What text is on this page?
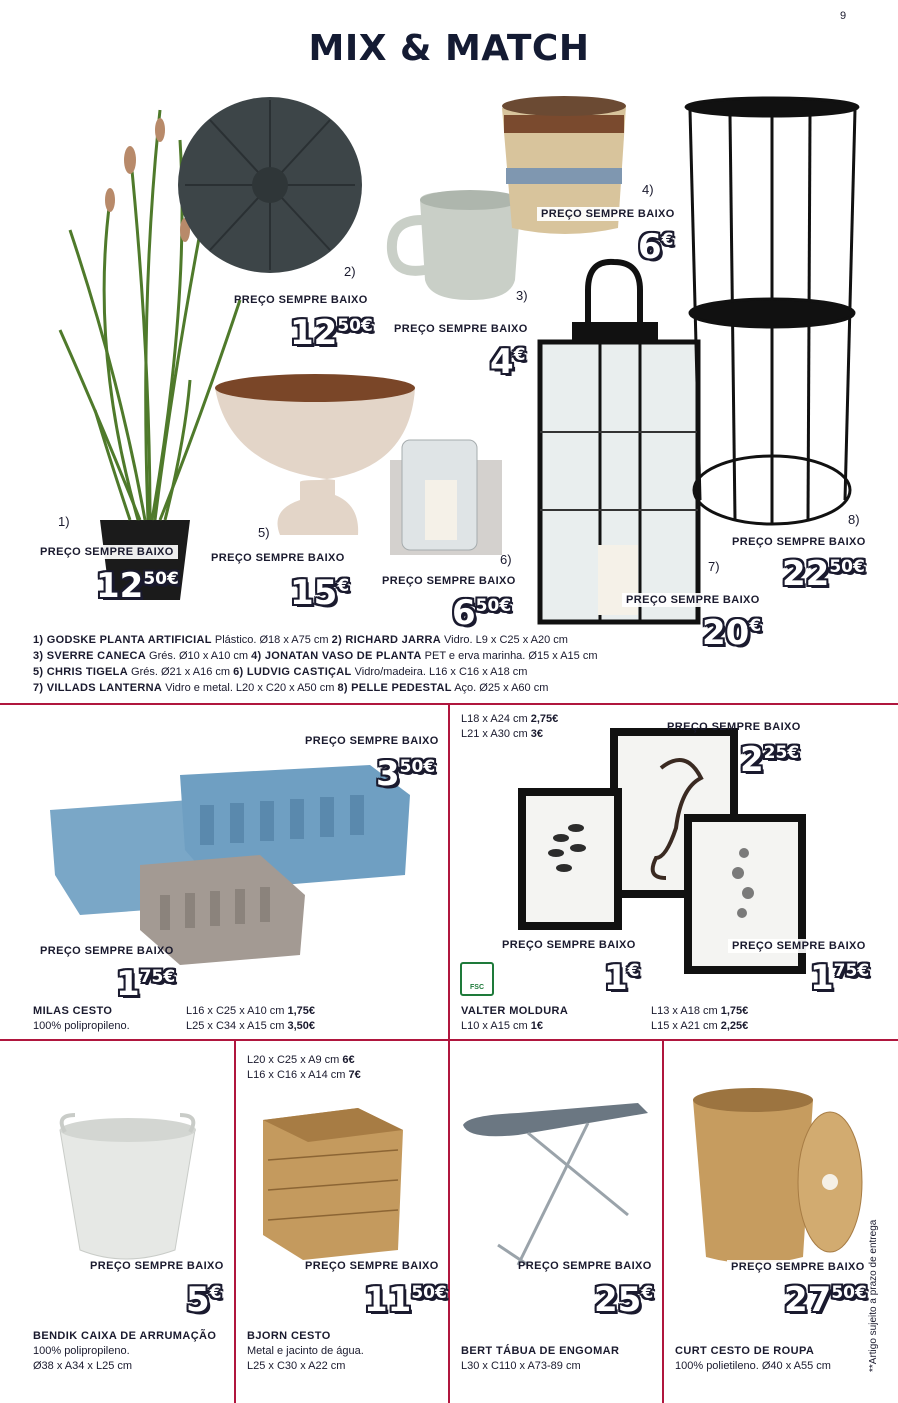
9
MIX & MATCH
1)
2)
3)
4)
5)
6)	7)
8)
PREÇO SEMPRE BAIXO
PREÇO SEMPRE BAIXO
PREÇO SEMPRE BAIXO
PREÇO SEMPRE BAIXO
PREÇO SEMPRE BAIXO
PREÇO SEMPRE BAIXO
PREÇO SEMPRE BAIXO
PREÇO SEMPRE BAIXO
1250€
1250€
4€
6€
15€
650€
20€
2250€
1) GODSKE PLANTA ARTIFICIAL Plástico. Ø18 x A75 cm 2) RICHARD JARRA Vidro. L9 x C25 x A20 cm
3) SVERRE CANECA Grés. Ø10 x A10 cm 4) JONATAN VASO DE PLANTA PET e erva marinha. Ø15 x A15 cm
5) CHRIS TIGELA Grés. Ø21 x A16 cm 6) LUDVIG CASTIÇAL Vidro/madeira. L16 x C16 x A18 cm
7) VILLADS LANTERNA Vidro e metal. L20 x C20 x A50 cm 8) PELLE PEDESTAL Aço. Ø25 x A60 cm
PREÇO SEMPRE BAIXO
350€
PREÇO SEMPRE BAIXO
175€
MILAS CESTO
100% polipropileno.
L16 x C25 x A10 cm 1,75€
L25 x C34 x A15 cm 3,50€
L18 x A24 cm 2,75€
L21 x A30 cm 3€
PREÇO SEMPRE BAIXO
225€
PREÇO SEMPRE BAIXO
1€
PREÇO SEMPRE BAIXO
175€
FSC
VALTER MOLDURA
L10 x A15 cm 1€
L13 x A18 cm 1,75€
L15 x A21 cm 2,25€
PREÇO SEMPRE BAIXO
5€
BENDIK CAIXA DE ARRUMAÇÃO
100% polipropileno.
Ø38 x A34 x L25 cm
L20 x C25 x A9 cm 6€
L16 x C16 x A14 cm 7€
PREÇO SEMPRE BAIXO
1150€
BJORN CESTO
Metal e jacinto de água.
L25 x C30 x A22 cm
PREÇO SEMPRE BAIXO
25€
BERT TÁBUA DE ENGOMAR
L30 x C110 x A73-89 cm
PREÇO SEMPRE BAIXO
2750€
CURT CESTO DE ROUPA
100% polietileno. Ø40 x A55 cm	**Artigo sujeito a prazo de entrega
